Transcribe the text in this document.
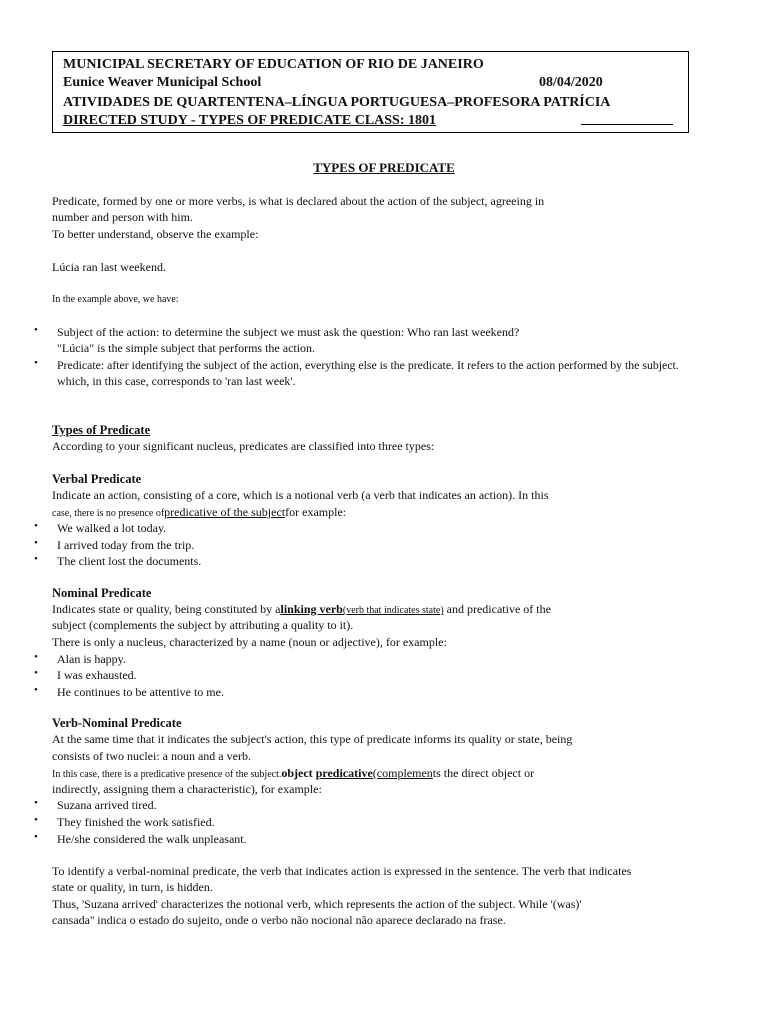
MUNICIPAL SECRETARY OF EDUCATION OF RIO DE JANEIRO
Eunice Weaver Municipal School	08/04/2020
ATIVIDADES DE QUARTENTENA–LÍNGUA PORTUGUESA–PROFESORA PATRÍCIA
DIRECTED STUDY - TYPES OF PREDICATE CLASS: 1801
TYPES OF PREDICATE
Predicate, formed by one or more verbs, is what is declared about the action of the subject, agreeing in
number and person with him.
To better understand, observe the example:
Lúcia ran last weekend.
In the example above, we have:
• Subject of the action: to determine the subject we must ask the question: Who ran last weekend?
"Lúcia" is the simple subject that performs the action.
• Predicate: after identifying the subject of the action, everything else is the predicate. It refers to the action performed by the subject.
which, in this case, corresponds to 'ran last week'.
Types of Predicate
According to your significant nucleus, predicates are classified into three types:
Verbal Predicate
Indicate an action, consisting of a core, which is a notional verb (a verb that indicates an action). In this
case, there is no presence ofpredicative of the subjectfor example:
• We walked a lot today.
• I arrived today from the trip.
• The client lost the documents.
Nominal Predicate
Indicates state or quality, being constituted by alinking verb(verb that indicates state) and predicative of the
subject (complements the subject by attributing a quality to it).
There is only a nucleus, characterized by a name (noun or adjective), for example:
• Alan is happy.
• I was exhausted.
• He continues to be attentive to me.
Verb-Nominal Predicate
At the same time that it indicates the subject's action, this type of predicate informs its quality or state, being
consists of two nuclei: a noun and a verb.
In this case, there is a predicative presence of the subject.object predicative(complements the direct object or
indirectly, assigning them a characteristic), for example:
• Suzana arrived tired.
• They finished the work satisfied.
• He/she considered the walk unpleasant.
To identify a verbal-nominal predicate, the verb that indicates action is expressed in the sentence. The verb that indicates
state or quality, in turn, is hidden.
Thus, 'Suzana arrived' characterizes the notional verb, which represents the action of the subject. While '(was)'
cansada'' indica o estado do sujeito, onde o verbo não nocional não aparece declarado na frase.
